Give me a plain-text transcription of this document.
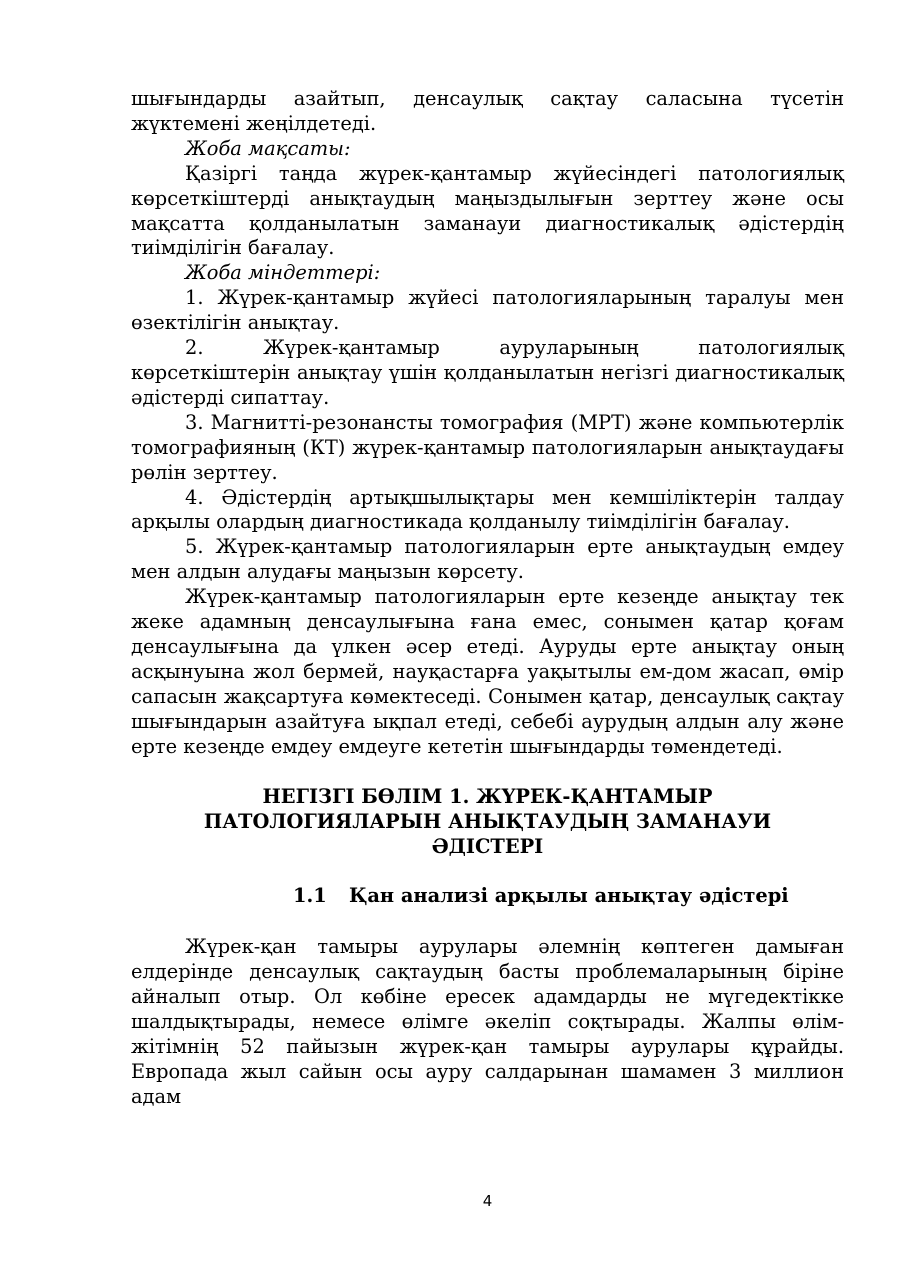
шығындарды азайтып, денсаулық сақтау саласына түсетін жүктемені жеңілдетеді.

Жоба мақсаты:

Қазіргі таңда жүрек-қантамыр жүйесіндегі патологиялық көрсеткіштерді анықтаудың маңыздылығын зерттеу және осы мақсатта қолданылатын заманауи диагностикалық әдістердің тиімділігін бағалау.

Жоба міндеттері:

1. Жүрек-қантамыр жүйесі патологияларының таралуы мен өзектілігін анықтау.

2. Жүрек-қантамыр ауруларының патологиялық көрсеткіштерін анықтау үшін қолданылатын негізгі диагностикалық әдістерді сипаттау.

3. Магнитті-резонансты томография (МРТ) және компьютерлік томографияның (КТ) жүрек-қантамыр патологияларын анықтаудағы рөлін зерттеу.

4. Әдістердің артықшылықтары мен кемшіліктерін талдау арқылы олардың диагностикада қолданылу тиімділігін бағалау.

5. Жүрек-қантамыр патологияларын ерте анықтаудың емдеу мен алдын алудағы маңызын көрсету.

Жүрек-қантамыр патологияларын ерте кезеңде анықтау тек жеке адамның денсаулығына ғана емес, сонымен қатар қоғам денсаулығына да үлкен әсер етеді. Ауруды ерте анықтау оның асқынуына жол бермей, науқастарға уақытылы ем-дом жасап, өмір сапасын жақсартуға көмектеседі. Сонымен қатар, денсаулық сақтау шығындарын азайтуға ықпал етеді, себебі аурудың алдын алу және ерте кезеңде емдеу емдеуге кететін шығындарды төмендетеді.

НЕГІЗГІ БӨЛІМ 1. ЖҮРЕК-ҚАНТАМЫР ПАТОЛОГИЯЛАРЫН АНЫҚТАУДЫҢ ЗАМАНАУИ ӘДІСТЕРІ

1.1 Қан анализі арқылы анықтау әдістері

Жүрек-қан тамыры аурулары әлемнің көптеген дамыған елдерінде денсаулық сақтаудың басты проблемаларының біріне айналып отыр. Ол көбіне ересек адамдарды не мүгедектікке шалдықтырады, немесе өлімге әкеліп соқтырады. Жалпы өлім-жітімнің 52 пайызын жүрек-қан тамыры аурулары құрайды. Европада жыл сайын осы ауру салдарынан шамамен 3 миллион адам

4
